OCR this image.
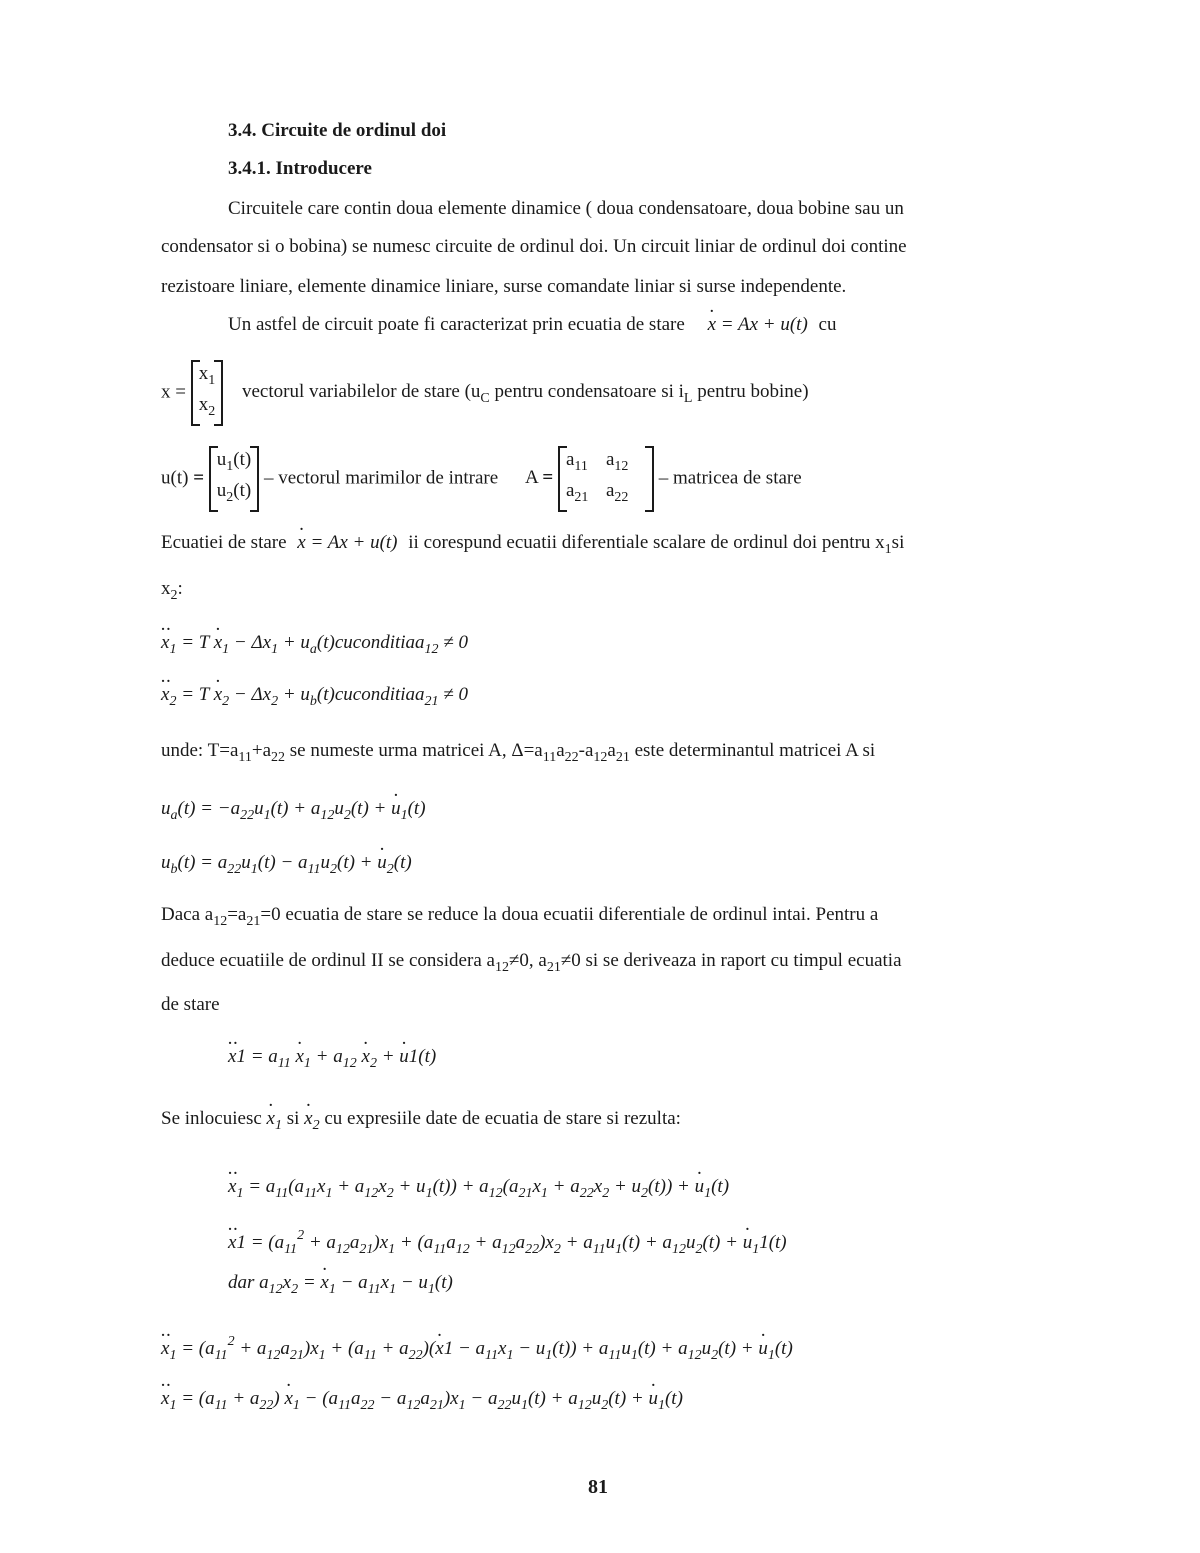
3.4. Circuite de ordinul doi
3.4.1. Introducere
Circuitele care contin doua elemente dinamice ( doua condensatoare, doua bobine sau un
condensator si o bobina) se numesc circuite de ordinul doi. Un circuit liniar de ordinul doi contine
rezistoare liniare, elemente dinamice liniare, surse comandate liniar si surse independente.
Un astfel de circuit poate fi caracterizat prin ecuatia de stare · x = Ax + u(t) cu
x =
$x_1$
$x_2$
vectorul variabilelor de stare ($u_C$ pentru condensatoare si $i_L$ pentru bobine)
u(t) =
$u_1(t)$
$u_2(t)$
– vectorul marimilor de intrare A =
$a_{11}$ $a_{12}$
$a_{21}$ $a_{22}$
– matricea de stare
Ecuatiei de stare · x = Ax + u(t) ii corespund ecuatii diferentiale scalare de ordinul doi pentru $x_1si$
$x_2$:
·· $x_1 = T \cdot x_1 - \Delta x_1$ + $u_a(t)cuconditiaa_{12} \ne 0$
·· $x_2 = T \cdot x_2 - \Delta x_2$ + $u_b(t)cuconditiaa_{21} \ne 0$
unde: $T=a_{11}+a_{22}$ se numeste urma matricei A, $\Delta=a_{11}a_{22}-a_{12}a_{21}$ este determinantul matricei A si
$u_a(t) = -a_{22}u_1(t) + a_{12}u_2(t)$ + · $u_1(t)$
$u_b(t) = a_{22}u_1(t) - a_{11}u_2(t)$ + · $u_2(t)$
Daca $a_{12}=a_{21}=0$ ecuatia de stare se reduce la doua ecuatii diferentiale de ordinul intai. Pentru a
deduce ecuatiile de ordinul II se considera $a_{12}\ne 0$, $a_{21}\ne 0$ si se deriveaza in raport cu timpul ecuatia
de stare
·· $x1 = a_{11} \cdot x_1 + a_{12} \cdot x_2$ + · u1(t)
Se inlocuiesc · $x_1$ si · $x_2$ cu expresiile date de ecuatia de stare si rezulta:
·· $x_1 = a_{11}(a_{11}x_1 + a_{12}x_2 + u_1(t)) + a_{12}(a_{21}x_1 + a_{22}x_2 + u_2(t))$ + · $u_1(t)$
·· $x1 = (a_{11}^2 + a_{12}a_{21})x_1 + (a_{11}a_{12} + a_{12}a_{22})x_2 + a_{11}u_1(t) + a_{12}u_2(t)$ + · $u_11(t)$
dar $a_{12}x_2$ = · $x_1 - a_{11}x_1 - u_1(t)$
·· $x_1 = (a_{11}^2 + a_{12}a_{21})x_1 + (a_{11} + a_{22})(\cdot x1 - a_{11}x_1 - u_1(t)) + a_{11}u_1(t) + a_{12}u_2(t)$ + · $u_1(t)$
·· $x_1 = (a_{11} + a_{22}) \cdot x_1 - (a_{11}a_{22} - a_{12}a_{21})x_1 - a_{22}u_1(t) + a_{12}u_2(t)$ + · $u_1(t)$
81
